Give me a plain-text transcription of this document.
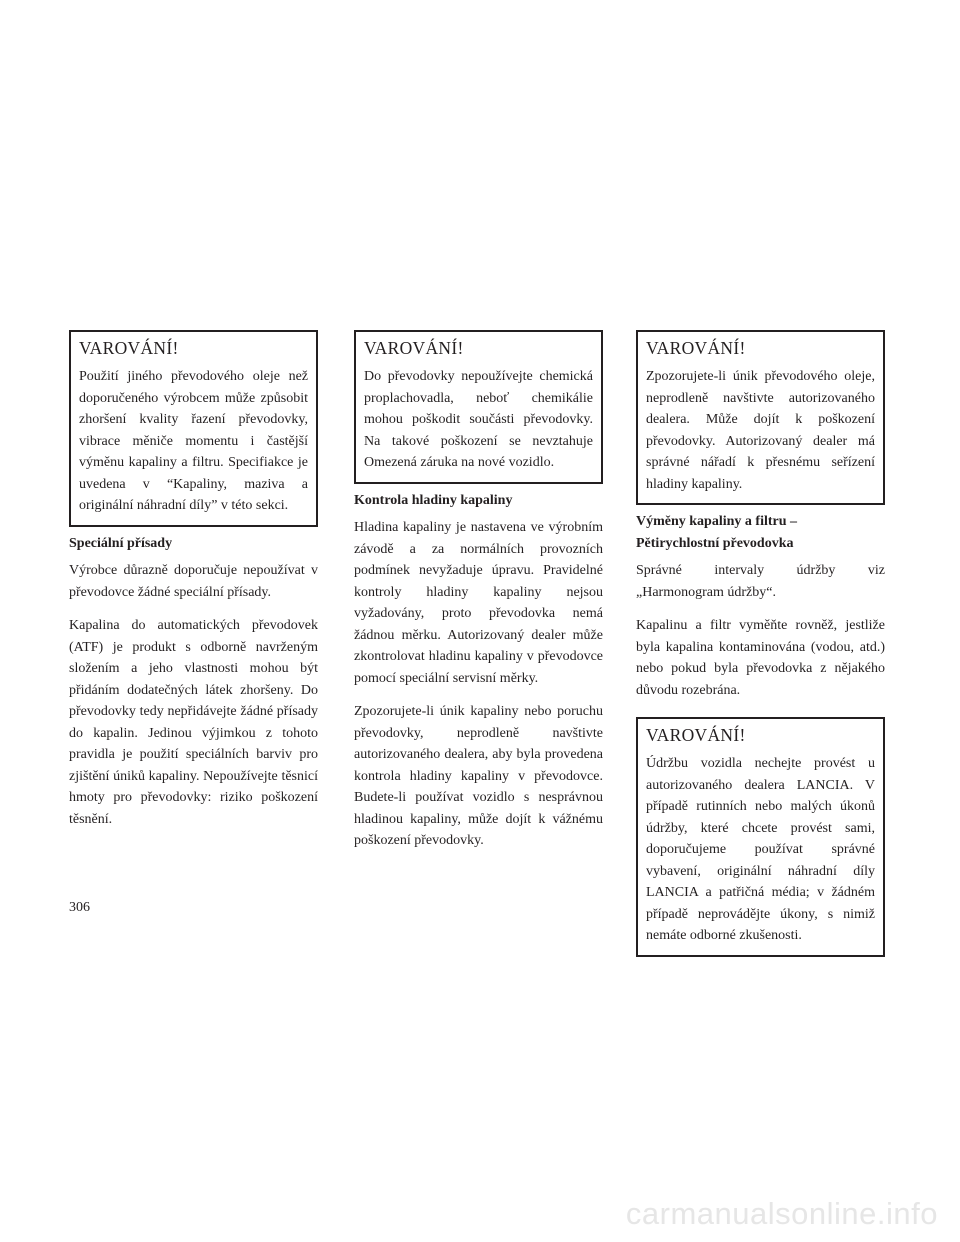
VAROVÁNÍ!

Použití jiného převodového oleje než doporučeného výrobcem může způsobit zhoršení kvality řazení převodovky, vibrace měniče momentu i častější výměnu kapaliny a filtru. Specifiakce je uvedena v “Kapaliny, maziva a originální náhradní díly” v této sekci.

Speciální přísady

Výrobce důrazně doporučuje nepoužívat v převodovce žádné speciální přísady.

Kapalina do automatických převodovek (ATF) je produkt s odborně navrženým složením a jeho vlastnosti mohou být přidáním dodatečných látek zhoršeny. Do převodovky tedy nepřidávejte žádné přísady do kapalin. Jedinou výjimkou z tohoto pravidla je použití speciálních barviv pro zjištění úniků kapaliny. Nepoužívejte těsnicí hmoty pro převodovky: riziko poškození těsnění.

VAROVÁNÍ!

Do převodovky nepoužívejte chemická proplachovadla, neboť chemikálie mohou poškodit součásti převodovky. Na takové poškození se nevztahuje Omezená záruka na nové vozidlo.

Kontrola hladiny kapaliny

Hladina kapaliny je nastavena ve výrobním závodě a za normálních provozních podmínek nevyžaduje úpravu. Pravidelné kontroly hladiny kapaliny nejsou vyžadovány, proto převodovka nemá žádnou měrku. Autorizovaný dealer může zkontrolovat hladinu kapaliny v převodovce pomocí speciální servisní měrky.

Zpozorujete-li únik kapaliny nebo poruchu převodovky, neprodleně navštivte autorizovaného dealera, aby byla provedena kontrola hladiny kapaliny v převodovce. Budete-li používat vozidlo s nesprávnou hladinou kapaliny, může dojít k vážnému poškození převodovky.

VAROVÁNÍ!

Zpozorujete-li únik převodového oleje, neprodleně navštivte autorizovaného dealera. Může dojít k poškození převodovky. Autorizovaný dealer má správné nářadí k přesnému seřízení hladiny kapaliny.

Výměny kapaliny a filtru –

Pětirychlostní převodovka

Správné intervaly údržby viz „Harmonogram údržby“.

Kapalinu a filtr vyměňte rovněž, jestliže byla kapalina kontaminována (vodou, atd.) nebo pokud byla převodovka z nějakého důvodu rozebrána.

VAROVÁNÍ!

Údržbu vozidla nechejte provést u autorizovaného dealera LANCIA. V případě rutinních nebo malých úkonů údržby, které chcete provést sami, doporučujeme používat správné vybavení, originální náhradní díly LANCIA a patřičná média; v žádném případě neprovádějte úkony, s nimiž nemáte odborné zkušenosti.

306
carmanualsonline.info
